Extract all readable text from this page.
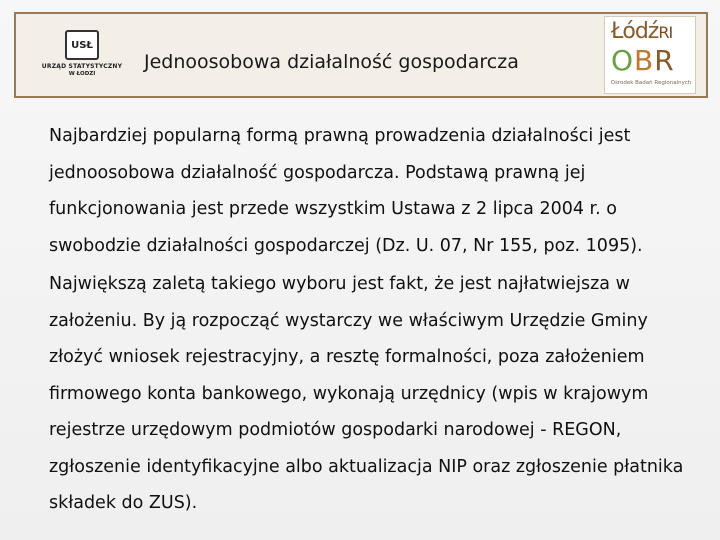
USŁ
URZĄD STATYSTYCZNY
W ŁODZI
Jednoosobowa działalność gospodarcza
ŁódźRI
OBR
Ośrodek Badań Regionalnych

Najbardziej popularną formą prawną prowadzenia działalności jest jednoosobowa działalność gospodarcza. Podstawą prawną jej funkcjonowania jest przede wszystkim Ustawa z 2 lipca 2004 r. o swobodzie działalności gospodarczej (Dz. U. 07, Nr 155, poz. 1095).

Największą zaletą takiego wyboru jest fakt, że jest najłatwiejsza w założeniu. By ją rozpocząć wystarczy we właściwym Urzędzie Gminy złożyć wniosek rejestracyjny, a resztę formalności, poza założeniem firmowego konta bankowego, wykonają urzędnicy (wpis w krajowym rejestrze urzędowym podmiotów gospodarki narodowej - REGON, zgłoszenie identyfikacyjne albo aktualizacja NIP oraz zgłoszenie płatnika składek do ZUS).
